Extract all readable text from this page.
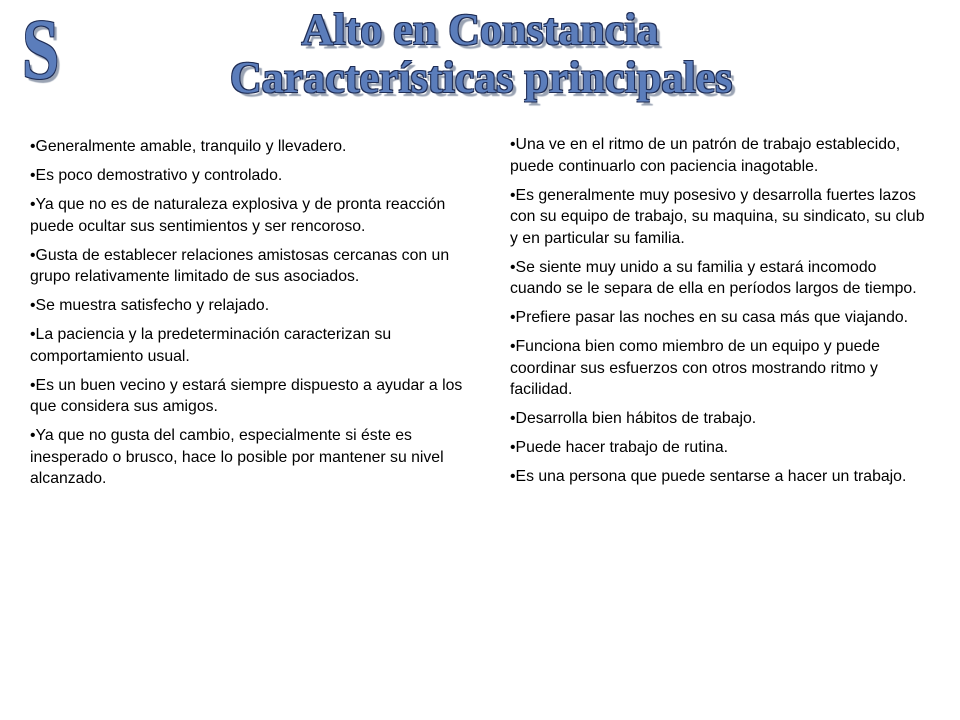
S	Alto en Constancia
Características principales

• Generalmente amable, tranquilo y llevadero.

• Es poco demostrativo y controlado.

• Ya que no es de naturaleza explosiva y de pronta reacción puede ocultar sus sentimientos y ser rencoroso.

• Gusta de establecer relaciones amistosas cercanas con un grupo relativamente limitado de sus asociados.

• Se muestra satisfecho y relajado.

• La paciencia y la predeterminación caracterizan su comportamiento usual.

• Es un buen vecino y estará siempre dispuesto a ayudar a los que considera sus amigos.

• Ya que no gusta del cambio, especialmente si éste es inesperado o brusco, hace lo posible por mantener su nivel alcanzado.

• Una ve en el ritmo de un patrón de trabajo establecido, puede continuarlo con paciencia inagotable.

• Es generalmente muy posesivo y desarrolla fuertes lazos con su equipo de trabajo, su maquina, su sindicato, su club y en particular su familia.

• Se siente muy unido a su familia y estará incomodo cuando se le separa de ella en períodos largos de tiempo.

• Prefiere pasar las noches en su casa más que viajando.

• Funciona bien como miembro de un equipo y puede coordinar sus esfuerzos con otros mostrando ritmo y facilidad.

• Desarrolla bien hábitos de trabajo.

• Puede hacer trabajo de rutina.

• Es una persona que puede sentarse a hacer un trabajo.
